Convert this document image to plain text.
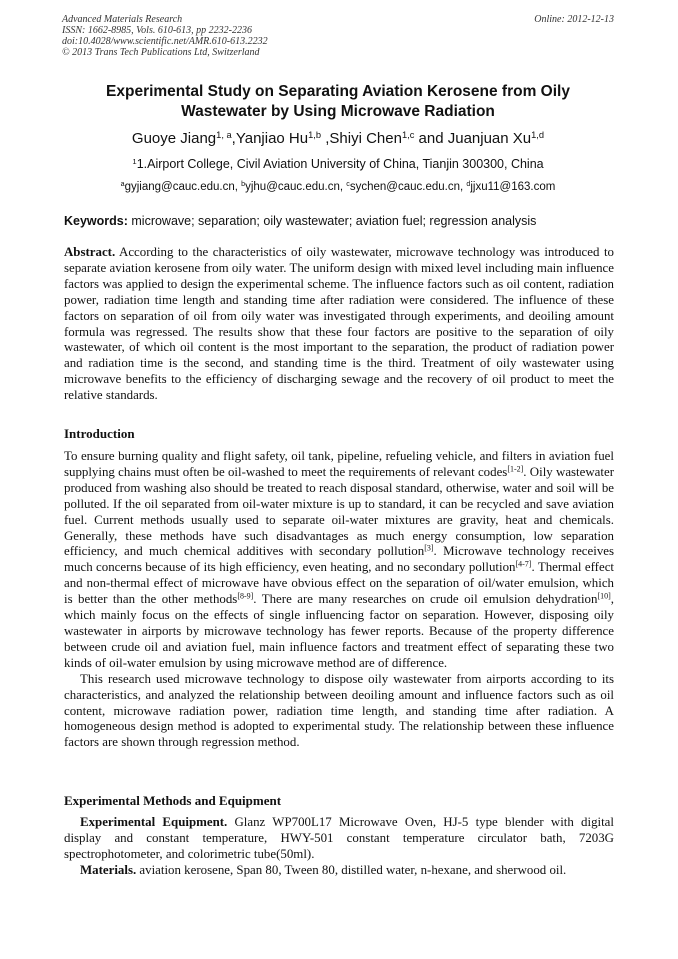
Advanced Materials Research
ISSN: 1662-8985, Vols. 610-613, pp 2232-2236
doi:10.4028/www.scientific.net/AMR.610-613.2232
© 2013 Trans Tech Publications Ltd, Switzerland
Online: 2012-12-13
Experimental Study on Separating Aviation Kerosene from Oily
Wastewater by Using Microwave Radiation
Guoye Jiang$^{1, a}$,Yanjiao Hu$^{1,b}$ ,Shiyi Chen$^{1,c}$ and Juanjuan Xu$^{1,d}$
$^1$1.Airport College, Civil Aviation University of China, Tianjin 300300, China
$^a$gyjiang@cauc.edu.cn, $^b$yjhu@cauc.edu.cn, $^c$sychen@cauc.edu.cn, $^d$jjxu11@163.com
Keywords: microwave; separation; oily wastewater; aviation fuel; regression analysis

Abstract. According to the characteristics of oily wastewater, microwave technology was introduced to separate aviation kerosene from oily water. The uniform design with mixed level including main influence factors was applied to design the experimental scheme. The influence factors such as oil content, radiation power, radiation time length and standing time after radiation were considered. The influence of these factors on separation of oil from oily water was investigated through experiments, and deoiling amount formula was regressed. The results show that these four factors are positive to the separation of oily wastewater, of which oil content is the most important to the separation, the product of radiation power and radiation time is the second, and standing time is the third. Treatment of oily wastewater using microwave benefits to the efficiency of discharging sewage and the recovery of oil product to meet the relative standards.

Introduction

To ensure burning quality and flight safety, oil tank, pipeline, refueling vehicle, and filters in aviation fuel supplying chains must often be oil-washed to meet the requirements of relevant codes[1-2]. Oily wastewater produced from washing also should be treated to reach disposal standard, otherwise, water and soil will be polluted. If the oil separated from oil-water mixture is up to standard, it can be recycled and save aviation fuel. Current methods usually used to separate oil-water mixtures are gravity, heat and chemicals. Generally, these methods have such disadvantages as much energy consumption, low separation efficiency, and much chemical additives with secondary pollution[3]. Microwave technology receives much concerns because of its high efficiency, even heating, and no secondary pollution[4-7]. Thermal effect and non-thermal effect of microwave have obvious effect on the separation of oil/water emulsion, which is better than the other methods[8-9]. There are many researches on crude oil emulsion dehydration[10], which mainly focus on the effects of single influencing factor on separation. However, disposing oily wastewater in airports by microwave technology has fewer reports. Because of the property difference between crude oil and aviation fuel, main influence factors and treatment effect of separating these two kinds of oil-water emulsion by using microwave method are of difference.

This research used microwave technology to dispose oily wastewater from airports according to its characteristics, and analyzed the relationship between deoiling amount and influence factors such as oil content, microwave radiation power, radiation time length, and standing time after radiation. A homogeneous design method is adopted to experimental study. The relationship between these influence factors are shown through regression method.

Experimental Methods and Equipment

Experimental Equipment. Glanz WP700L17 Microwave Oven, HJ-5 type blender with digital display and constant temperature, HWY-501 constant temperature circulator bath, 7203G spectrophotometer, and colorimetric tube(50ml).

Materials. aviation kerosene, Span 80, Tween 80, distilled water, n-hexane, and sherwood oil.
